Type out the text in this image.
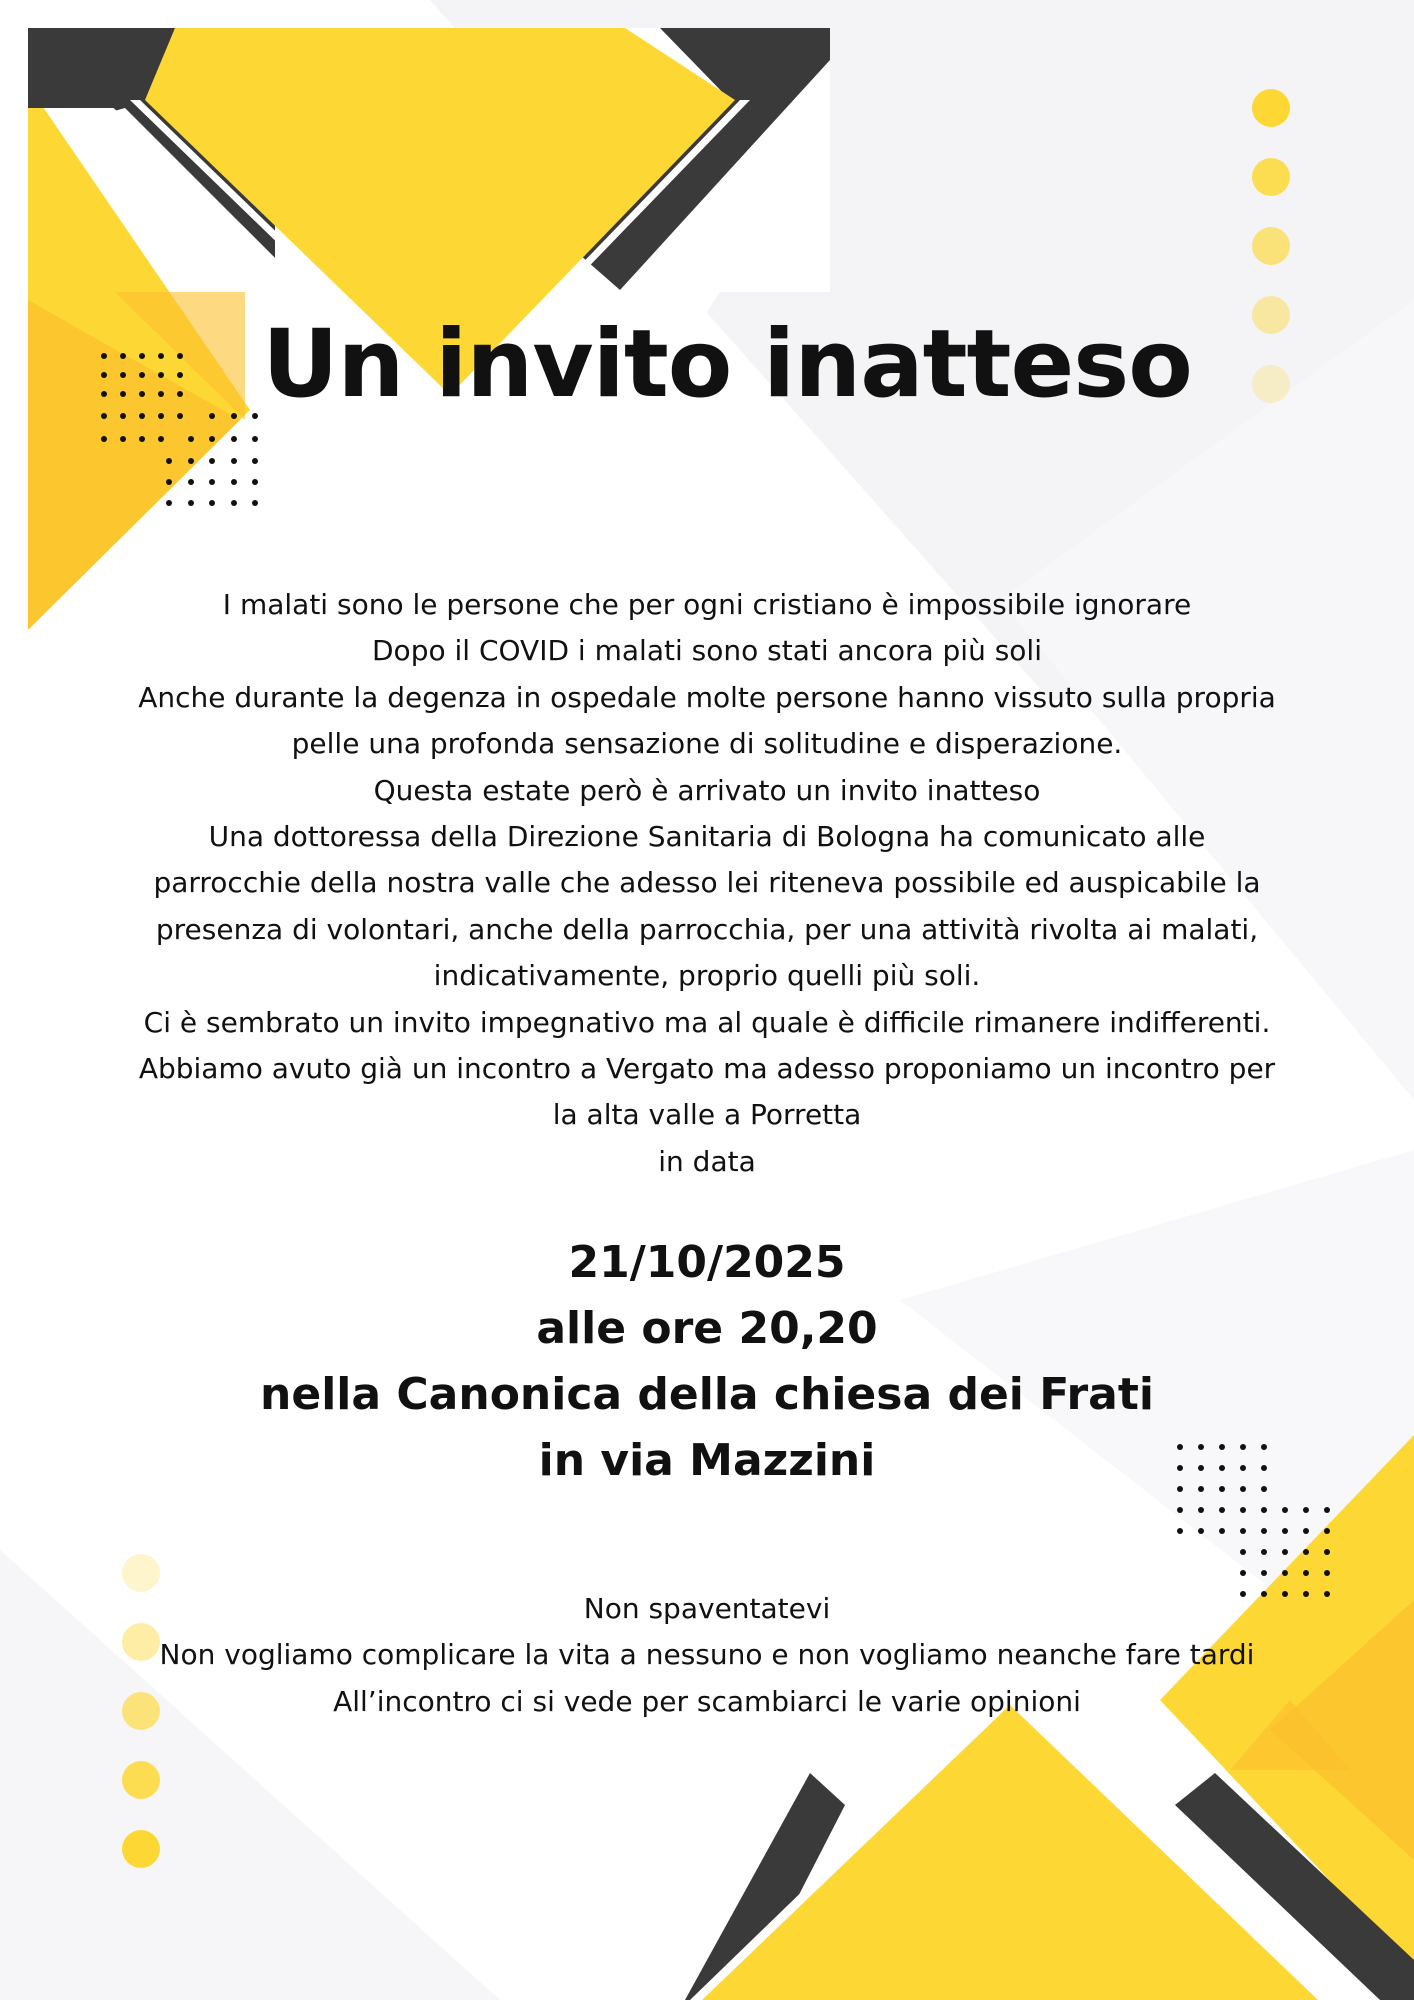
Un invito inatteso
I malati sono le persone che per ogni cristiano è impossibile ignorare
Dopo il COVID i malati sono stati ancora più soli
Anche durante la degenza in ospedale molte persone hanno vissuto sulla propria
pelle una profonda sensazione di solitudine e disperazione.
Questa estate però è arrivato un invito inatteso
Una dottoressa della Direzione Sanitaria di Bologna ha comunicato alle
parrocchie della nostra valle che adesso lei riteneva possibile ed auspicabile la
presenza di volontari, anche della parrocchia, per una attività rivolta ai malati,
indicativamente, proprio quelli più soli.
Ci è sembrato un invito impegnativo ma al quale è difficile rimanere indifferenti.
Abbiamo avuto già un incontro a Vergato ma adesso proponiamo un incontro per
la alta valle a Porretta
in data
21/10/2025
alle ore 20,20
nella Canonica della chiesa dei Frati
in via Mazzini
Non spaventatevi
Non vogliamo complicare la vita a nessuno e non vogliamo neanche fare tardi
All’incontro ci si vede per scambiarci le varie opinioni
